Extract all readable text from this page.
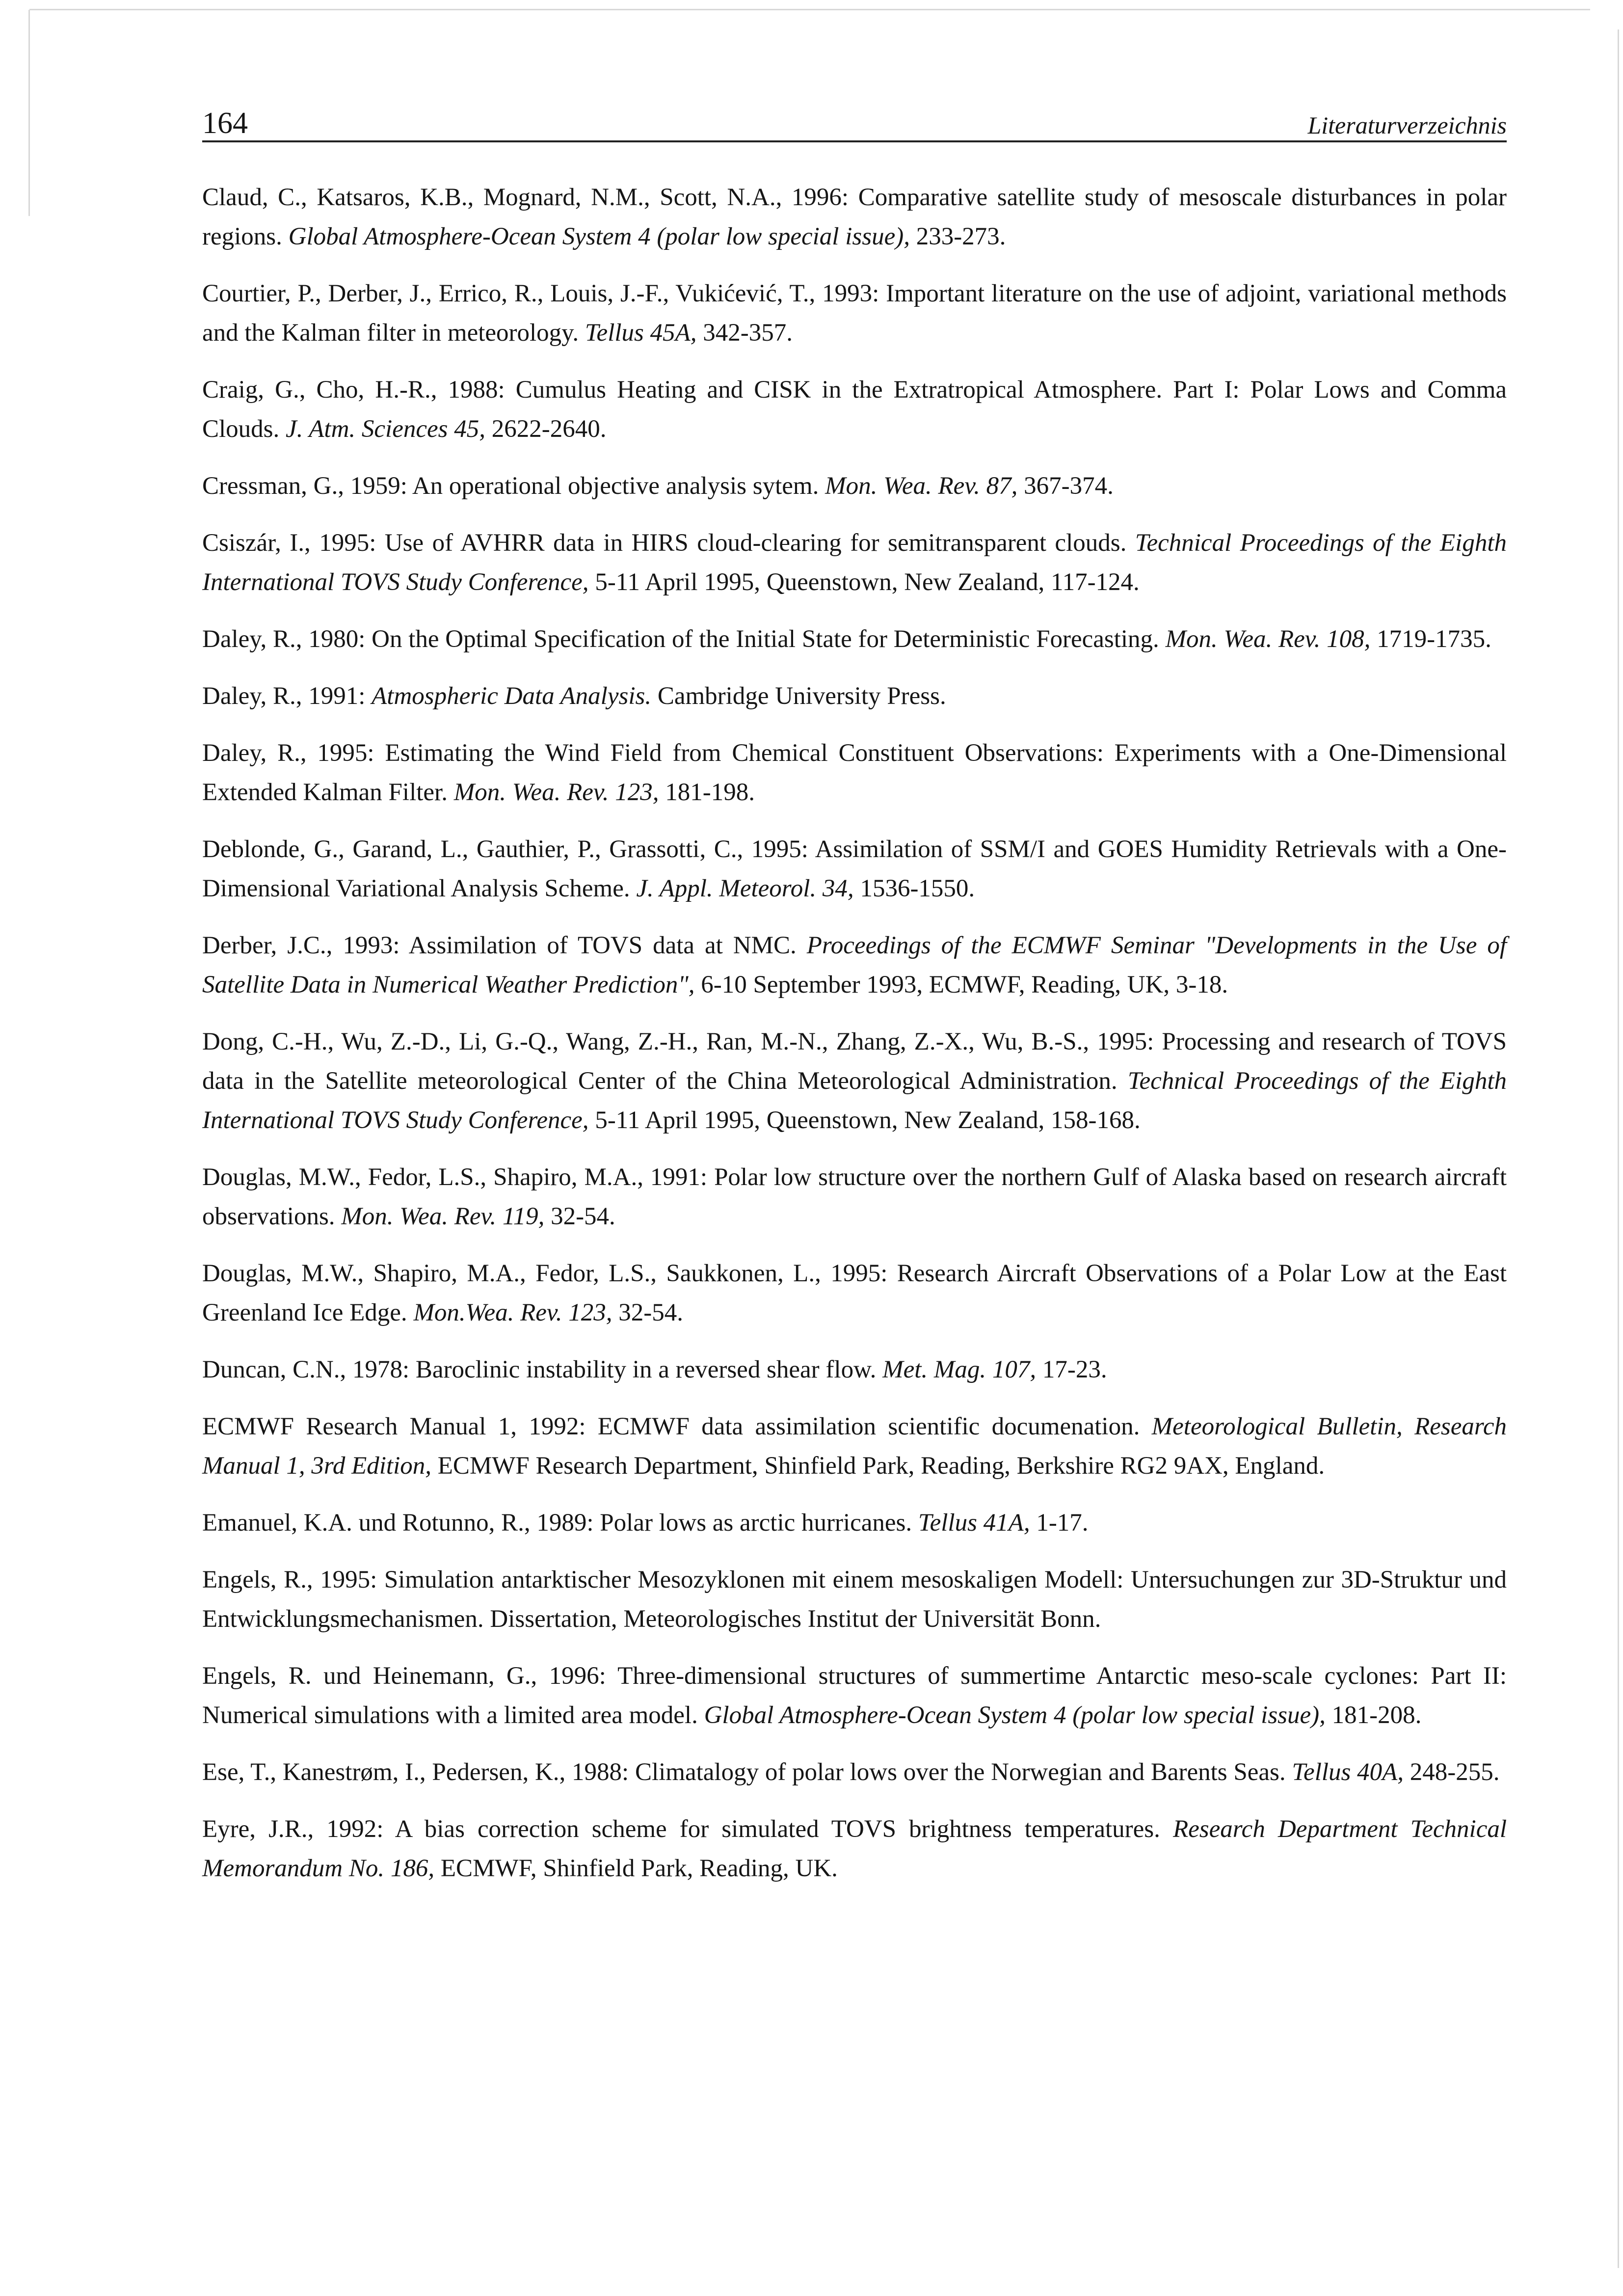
164	Literaturverzeichnis
Claud, C., Katsaros, K.B., Mognard, N.M., Scott, N.A., 1996: Comparative satellite study of mesoscale disturbances in polar regions. Global Atmosphere-Ocean System 4 (polar low special issue), 233-273.
Courtier, P., Derber, J., Errico, R., Louis, J.-F., Vukićević, T., 1993: Important literature on the use of adjoint, variational methods and the Kalman filter in meteorology. Tellus 45A, 342-357.
Craig, G., Cho, H.-R., 1988: Cumulus Heating and CISK in the Extratropical Atmosphere. Part I: Polar Lows and Comma Clouds. J. Atm. Sciences 45, 2622-2640.
Cressman, G., 1959: An operational objective analysis sytem. Mon. Wea. Rev. 87, 367-374.
Csiszár, I., 1995: Use of AVHRR data in HIRS cloud-clearing for semitransparent clouds. Technical Proceedings of the Eighth International TOVS Study Conference, 5-11 April 1995, Queenstown, New Zealand, 117-124.
Daley, R., 1980: On the Optimal Specification of the Initial State for Deterministic Forecasting. Mon. Wea. Rev. 108, 1719-1735.
Daley, R., 1991: Atmospheric Data Analysis. Cambridge University Press.
Daley, R., 1995: Estimating the Wind Field from Chemical Constituent Observations: Experiments with a One-Dimensional Extended Kalman Filter. Mon. Wea. Rev. 123, 181-198.
Deblonde, G., Garand, L., Gauthier, P., Grassotti, C., 1995: Assimilation of SSM/I and GOES Humidity Retrievals with a One-Dimensional Variational Analysis Scheme. J. Appl. Meteorol. 34, 1536-1550.
Derber, J.C., 1993: Assimilation of TOVS data at NMC. Proceedings of the ECMWF Seminar "Developments in the Use of Satellite Data in Numerical Weather Prediction", 6-10 September 1993, ECMWF, Reading, UK, 3-18.
Dong, C.-H., Wu, Z.-D., Li, G.-Q., Wang, Z.-H., Ran, M.-N., Zhang, Z.-X., Wu, B.-S., 1995: Processing and research of TOVS data in the Satellite meteorological Center of the China Meteorological Administration. Technical Proceedings of the Eighth International TOVS Study Conference, 5-11 April 1995, Queenstown, New Zealand, 158-168.
Douglas, M.W., Fedor, L.S., Shapiro, M.A., 1991: Polar low structure over the northern Gulf of Alaska based on research aircraft observations. Mon. Wea. Rev. 119, 32-54.
Douglas, M.W., Shapiro, M.A., Fedor, L.S., Saukkonen, L., 1995: Research Aircraft Observations of a Polar Low at the East Greenland Ice Edge. Mon.Wea. Rev. 123, 32-54.
Duncan, C.N., 1978: Baroclinic instability in a reversed shear flow. Met. Mag. 107, 17-23.
ECMWF Research Manual 1, 1992: ECMWF data assimilation scientific documenation. Meteorological Bulletin, Research Manual 1, 3rd Edition, ECMWF Research Department, Shinfield Park, Reading, Berkshire RG2 9AX, England.
Emanuel, K.A. und Rotunno, R., 1989: Polar lows as arctic hurricanes. Tellus 41A, 1-17.
Engels, R., 1995: Simulation antarktischer Mesozyklonen mit einem mesoskaligen Modell: Untersuchungen zur 3D-Struktur und Entwicklungsmechanismen. Dissertation, Meteorologisches Institut der Universität Bonn.
Engels, R. und Heinemann, G., 1996: Three-dimensional structures of summertime Antarctic meso-scale cyclones: Part II: Numerical simulations with a limited area model. Global Atmosphere-Ocean System 4 (polar low special issue), 181-208.
Ese, T., Kanestrøm, I., Pedersen, K., 1988: Climatalogy of polar lows over the Norwegian and Barents Seas. Tellus 40A, 248-255.
Eyre, J.R., 1992: A bias correction scheme for simulated TOVS brightness temperatures. Research Department Technical Memorandum No. 186, ECMWF, Shinfield Park, Reading, UK.
